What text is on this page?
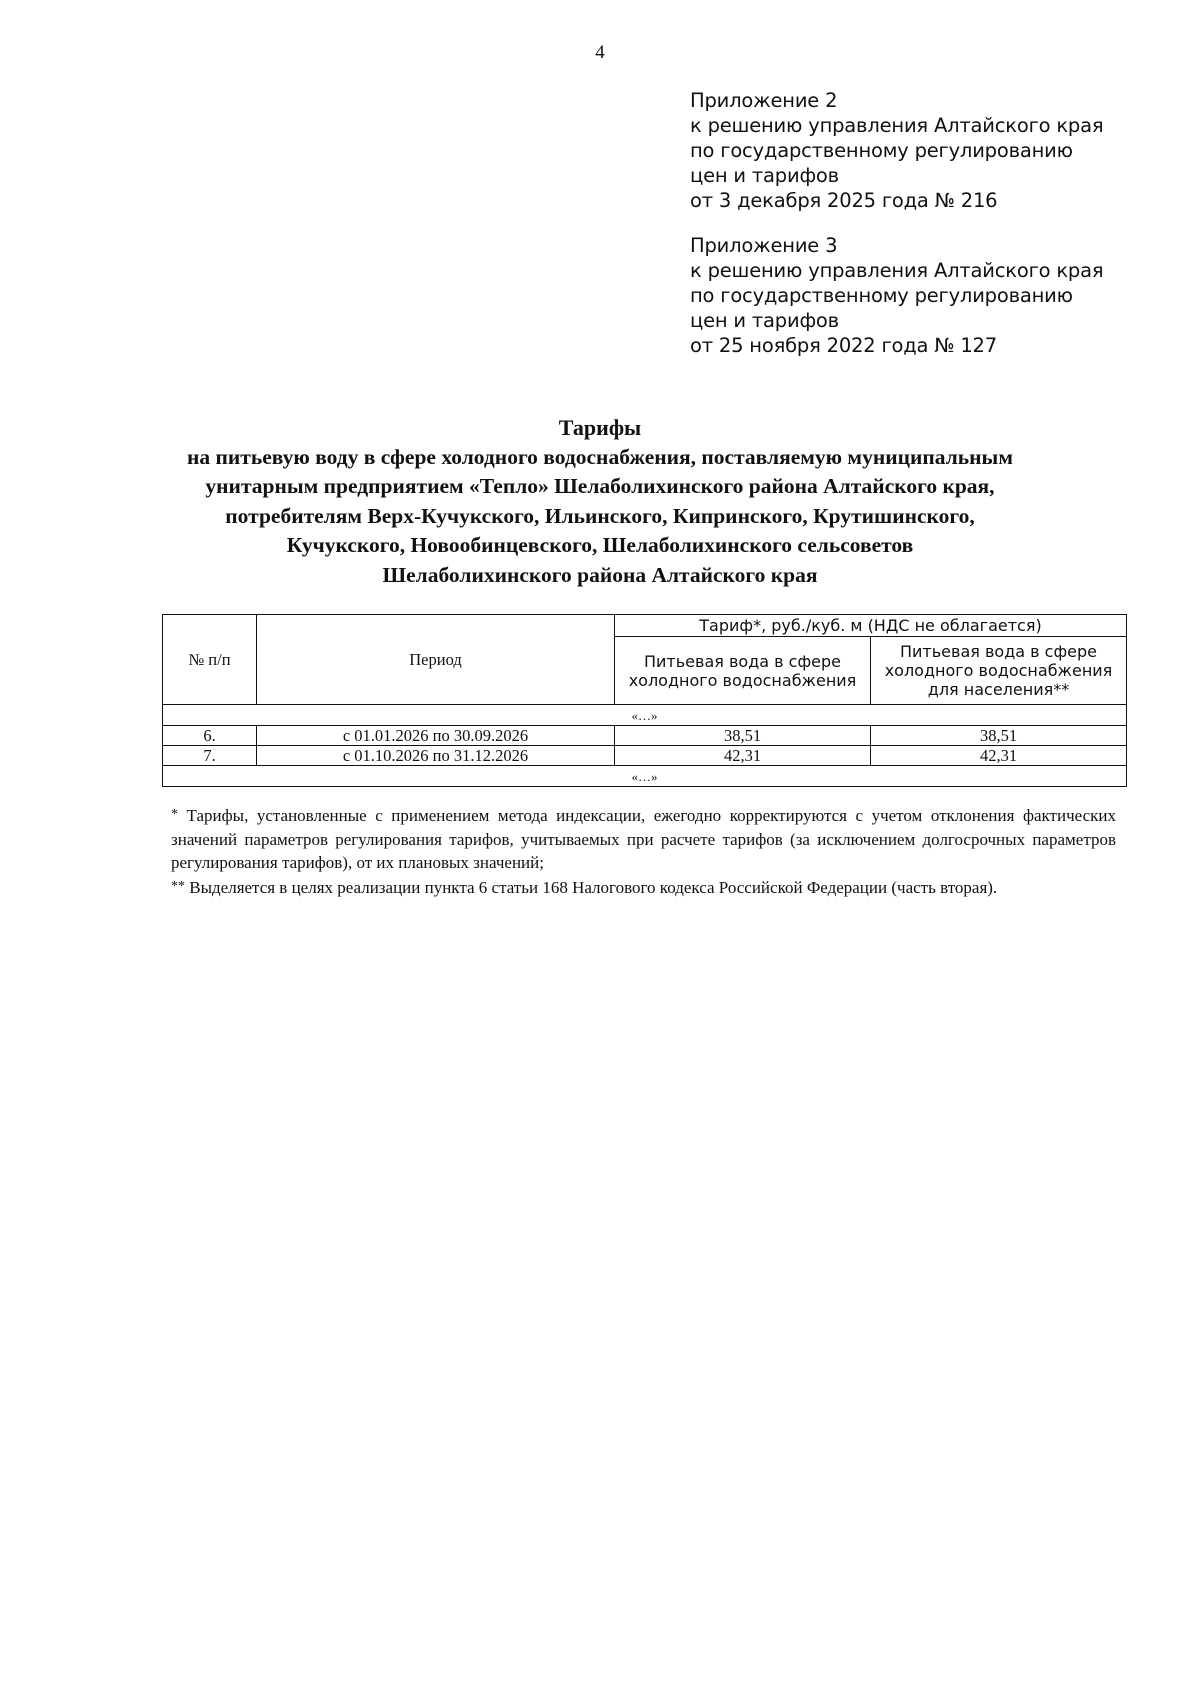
4
Приложение 2
к решению управления Алтайского края
по государственному регулированию
цен и тарифов
от 3 декабря 2025 года № 216
Приложение 3
к решению управления Алтайского края
по государственному регулированию
цен и тарифов
от 25 ноября 2022 года № 127
Тарифы
на питьевую воду в сфере холодного водоснабжения, поставляемую муниципальным
унитарным предприятием «Тепло» Шелаболихинского района Алтайского края,
потребителям Верх-Кучукского, Ильинского, Кипринского, Крутишинского,
Кучукского, Новообинцевского, Шелаболихинского сельсоветов
Шелаболихинского района Алтайского края
№ п/п	Период	Тариф*, руб./куб. м (НДС не облагается)	
		Питьевая вода в сфере холодного водоснабжения	Питьевая вода в сфере холодного водоснабжения для населения**
«…»			
6.	с 01.01.2026 по 30.09.2026	38,51	38,51
7.	с 01.10.2026 по 31.12.2026	42,31	42,31
«…»			

* Тарифы, установленные с применением метода индексации, ежегодно корректируются с учетом отклонения фактических значений параметров регулирования тарифов, учитываемых при расчете тарифов (за исключением долгосрочных параметров регулирования тарифов), от их плановых значений;

** Выделяется в целях реализации пункта 6 статьи 168 Налогового кодекса Российской Федерации (часть вторая).
